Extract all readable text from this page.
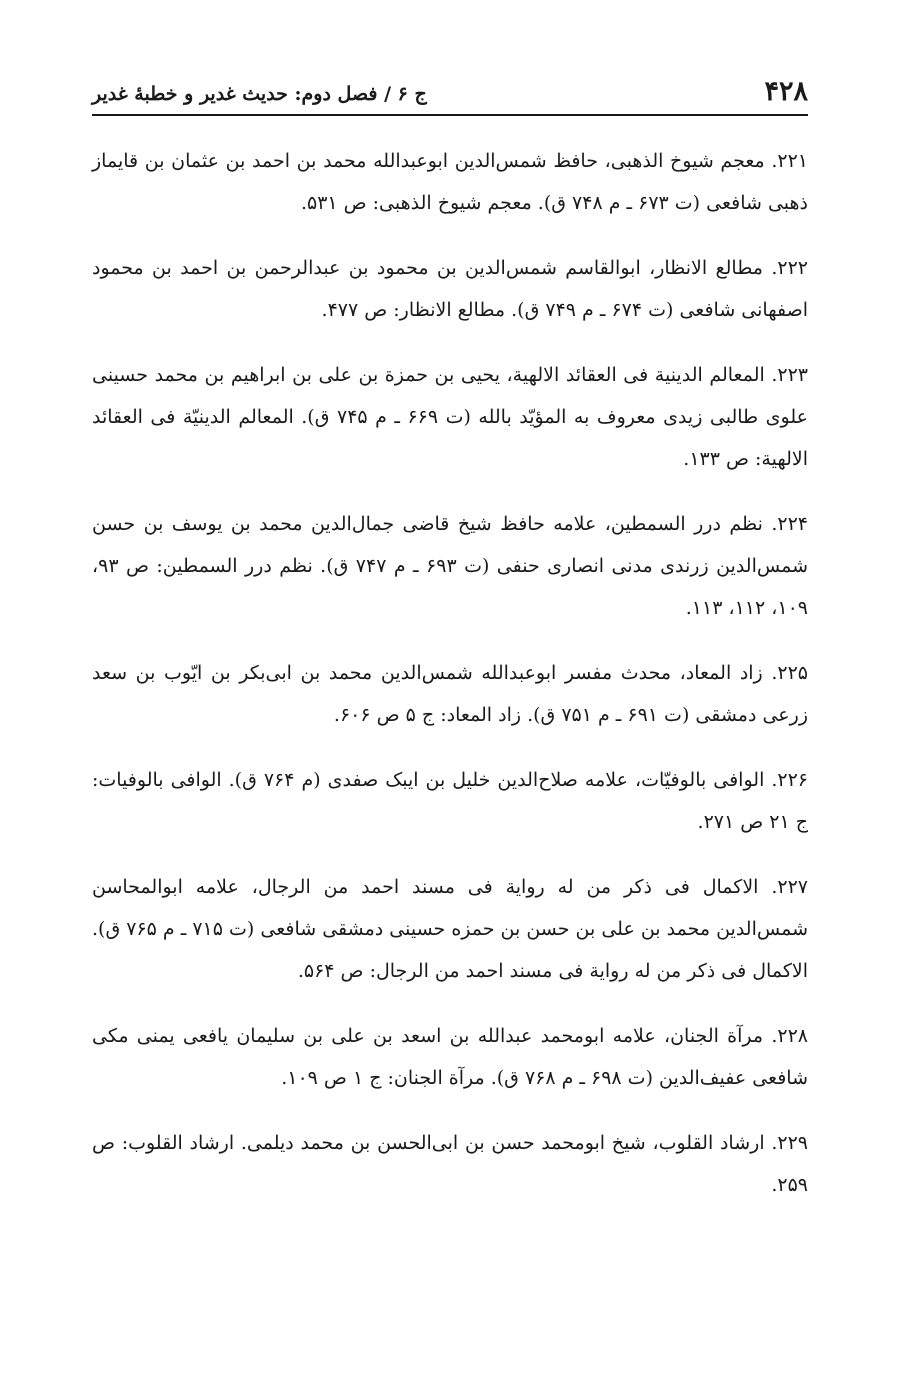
۴۲۸
ج ۶ / فصل دوم: حدیث غدیر و خطبهٔ غدیر

۲۲۱. معجم شیوخ الذهبی، حافظ شمس‌الدین ابوعبدالله محمد بن احمد بن عثمان بن قایماز ذهبی شافعی (ت ۶۷۳ ـ م ۷۴۸ ق). معجم شیوخ الذهبی: ص ۵۳۱.

۲۲۲. مطالع الانظار، ابوالقاسم شمس‌الدین بن محمود بن عبدالرحمن بن احمد بن محمود اصفهانی شافعی (ت ۶۷۴ ـ م ۷۴۹ ق). مطالع الانظار: ص ۴۷۷.

۲۲۳. المعالم الدینیة فی العقائد الالهیة، یحیی بن حمزة بن علی بن ابراهیم بن محمد حسینی علوی طالبی زیدی معروف به المؤیّد بالله (ت ۶۶۹ ـ م ۷۴۵ ق). المعالم الدینیّة فی العقائد الالهیة: ص ۱۳۳.

۲۲۴. نظم درر السمطین، علامه حافظ شیخ قاضی جمال‌الدین محمد بن یوسف بن حسن شمس‌الدین زرندی مدنی انصاری حنفی (ت ۶۹۳ ـ م ۷۴۷ ق). نظم درر السمطین: ص ۹۳، ۱۰۹، ۱۱۲، ۱۱۳.

۲۲۵. زاد المعاد، محدث مفسر ابوعبدالله شمس‌الدین محمد بن ابی‌بکر بن ایّوب بن سعد زرعی دمشقی (ت ۶۹۱ ـ م ۷۵۱ ق). زاد المعاد: ج ۵ ص ۶۰۶.

۲۲۶. الوافی بالوفیّات، علامه صلاح‌الدین خلیل بن ایبک صفدی (م ۷۶۴ ق). الوافی بالوفیات: ج ۲۱ ص ۲۷۱.

۲۲۷. الاکمال فی ذکر من له روایة فی مسند احمد من الرجال، علامه ابوالمحاسن شمس‌الدین محمد بن علی بن حسن بن حمزه حسینی دمشقی شافعی (ت ۷۱۵ ـ م ۷۶۵ ق). الاکمال فی ذکر من له روایة فی مسند احمد من الرجال: ص ۵۶۴.

۲۲۸. مرآة الجنان، علامه ابومحمد عبدالله بن اسعد بن علی بن سلیمان یافعی یمنی مکی شافعی عفیف‌الدین (ت ۶۹۸ ـ م ۷۶۸ ق). مرآة الجنان: ج ۱ ص ۱۰۹.

۲۲۹. ارشاد القلوب، شیخ ابومحمد حسن بن ابی‌الحسن بن محمد دیلمی. ارشاد القلوب: ص ۲۵۹.
